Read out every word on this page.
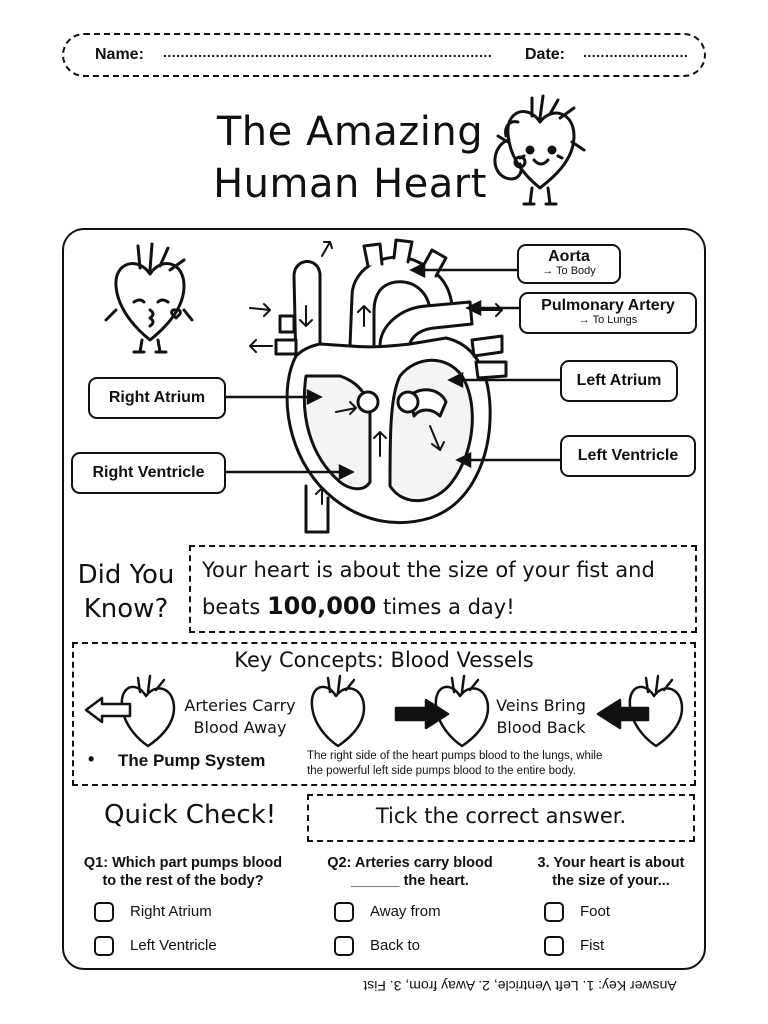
Name: ........................................................................... Date: ........................
The Amazing
Human Heart
Aorta
→ To Body
Pulmonary Artery
→ To Lungs
Left Atrium
Left Ventricle
Right Atrium
Right Ventricle
Did You
Know?
Your heart is about the size of your fist and
beats 100,000 times a day!
Key Concepts: Blood Vessels
Arteries Carry
Blood Away
Veins Bring
Blood Back
• The Pump System	The right side of the heart pumps blood to the lungs, while
the powerful left side pumps blood to the entire body.
Quick Check!	Tick the correct answer.
Q1: Which part pumps blood
to the rest of the body?
Right Atrium
Left Ventricle
Q2: Arteries carry blood
______ the heart.
Away from
Back to
3. Your heart is about
the size of your...
Foot
Fist
Answer Key: 1. Left Ventricle, 2. Away from, 3. Fist
